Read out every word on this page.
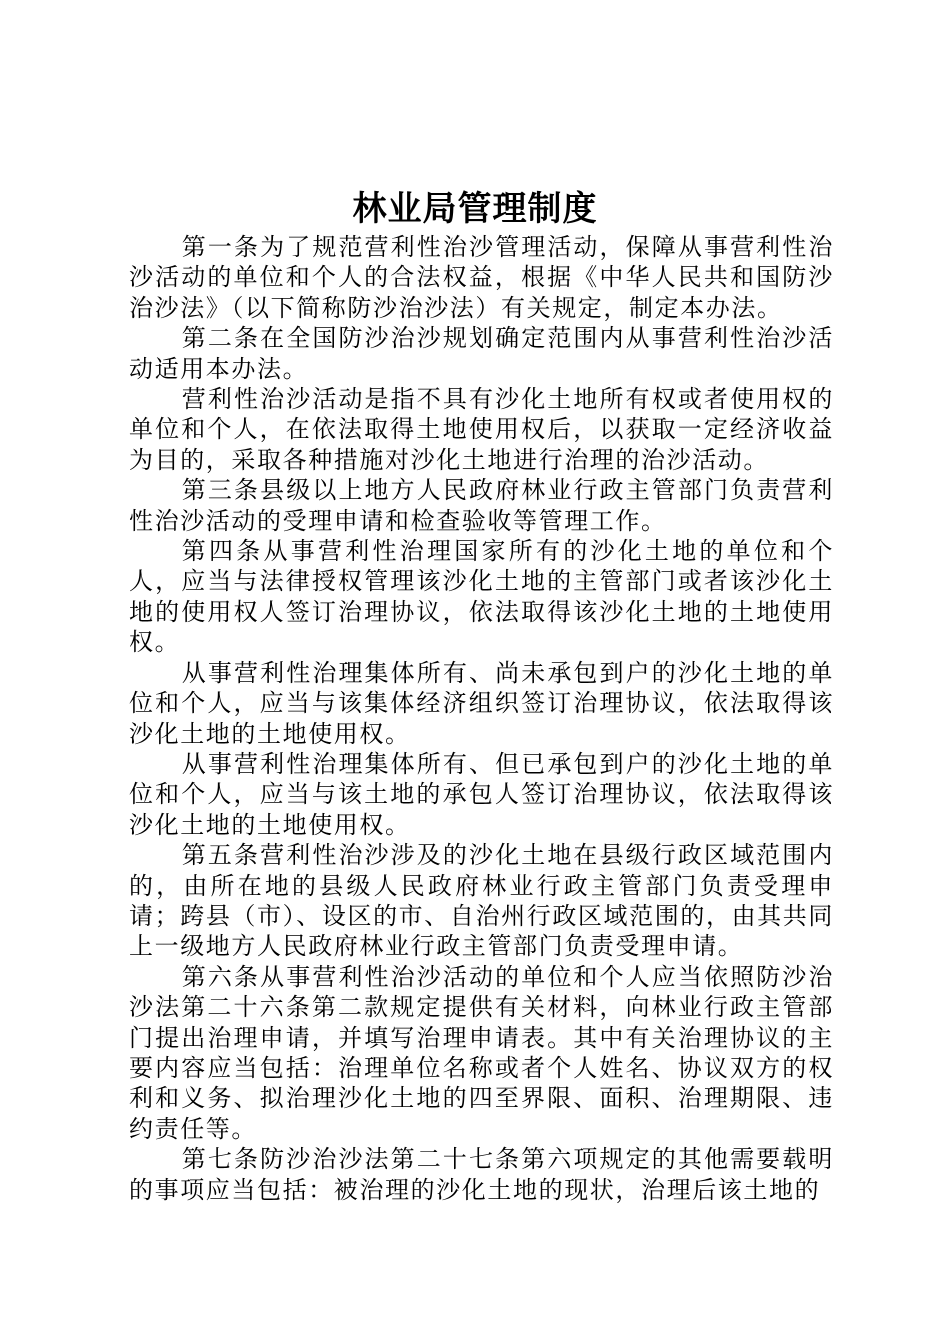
林业局管理制度

第一条为了规范营利性治沙管理活动，保障从事营利性治沙活动的单位和个人的合法权益，根据《中华人民共和国防沙治沙法》（以下简称防沙治沙法）有关规定，制定本办法。

第二条在全国防沙治沙规划确定范围内从事营利性治沙活动适用本办法。

营利性治沙活动是指不具有沙化土地所有权或者使用权的单位和个人，在依法取得土地使用权后，以获取一定经济收益为目的，采取各种措施对沙化土地进行治理的治沙活动。

第三条县级以上地方人民政府林业行政主管部门负责营利性治沙活动的受理申请和检查验收等管理工作。

第四条从事营利性治理国家所有的沙化土地的单位和个人，应当与法律授权管理该沙化土地的主管部门或者该沙化土地的使用权人签订治理协议，依法取得该沙化土地的土地使用权。

从事营利性治理集体所有、尚未承包到户的沙化土地的单位和个人，应当与该集体经济组织签订治理协议，依法取得该沙化土地的土地使用权。

从事营利性治理集体所有、但已承包到户的沙化土地的单位和个人，应当与该土地的承包人签订治理协议，依法取得该沙化土地的土地使用权。

第五条营利性治沙涉及的沙化土地在县级行政区域范围内的，由所在地的县级人民政府林业行政主管部门负责受理申请；跨县（市）、设区的市、自治州行政区域范围的，由其共同上一级地方人民政府林业行政主管部门负责受理申请。

第六条从事营利性治沙活动的单位和个人应当依照防沙治沙法第二十六条第二款规定提供有关材料，向林业行政主管部门提出治理申请，并填写治理申请表。其中有关治理协议的主要内容应当包括：治理单位名称或者个人姓名、协议双方的权利和义务、拟治理沙化土地的四至界限、面积、治理期限、违约责任等。

第七条防沙治沙法第二十七条第六项规定的其他需要载明的事项应当包括：被治理的沙化土地的现状，治理后该土地的
